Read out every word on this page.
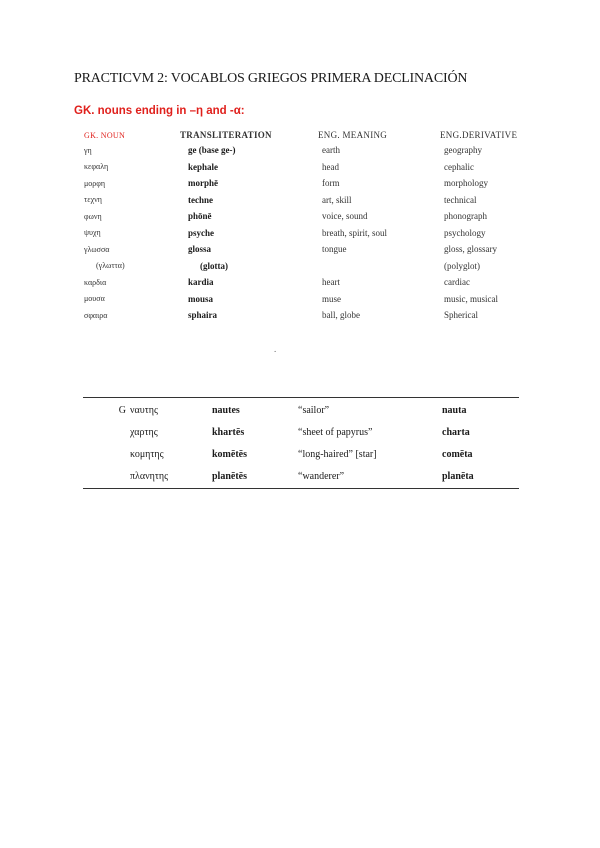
PRACTICVM 2: VOCABLOS GRIEGOS PRIMERA DECLINACIÓN
GK. nouns ending in –η and -α:
GK. NOUN	TRANSLITERATION	ENG. MEANING	ENG.DERIVATIVE
γη	ge (base ge-)	earth	geography
κεφαλη	kephale	head	cephalic
μορφη	morphē	form	morphology
τεχνη	techne	art, skill	technical
φωνη	phōnē	voice, sound	phonograph
ψυχη	psyche	breath, spirit, soul	psychology
γλωσσα	glossa	tongue	gloss, glossary
(γλωττα)	(glotta)		(polyglot)
καρδια	kardia	heart	cardiac
μουσα	mousa	muse	music, musical
σφαιρα	sphaira	ball, globe	Spherical
.
G ναυτης	nautes	“sailor”	nauta
χαρτης	khartēs	“sheet of papyrus”	charta
κομητης	komētēs	“long-haired” [star]	comēta
πλανητης	planētēs	“wanderer”	planēta
